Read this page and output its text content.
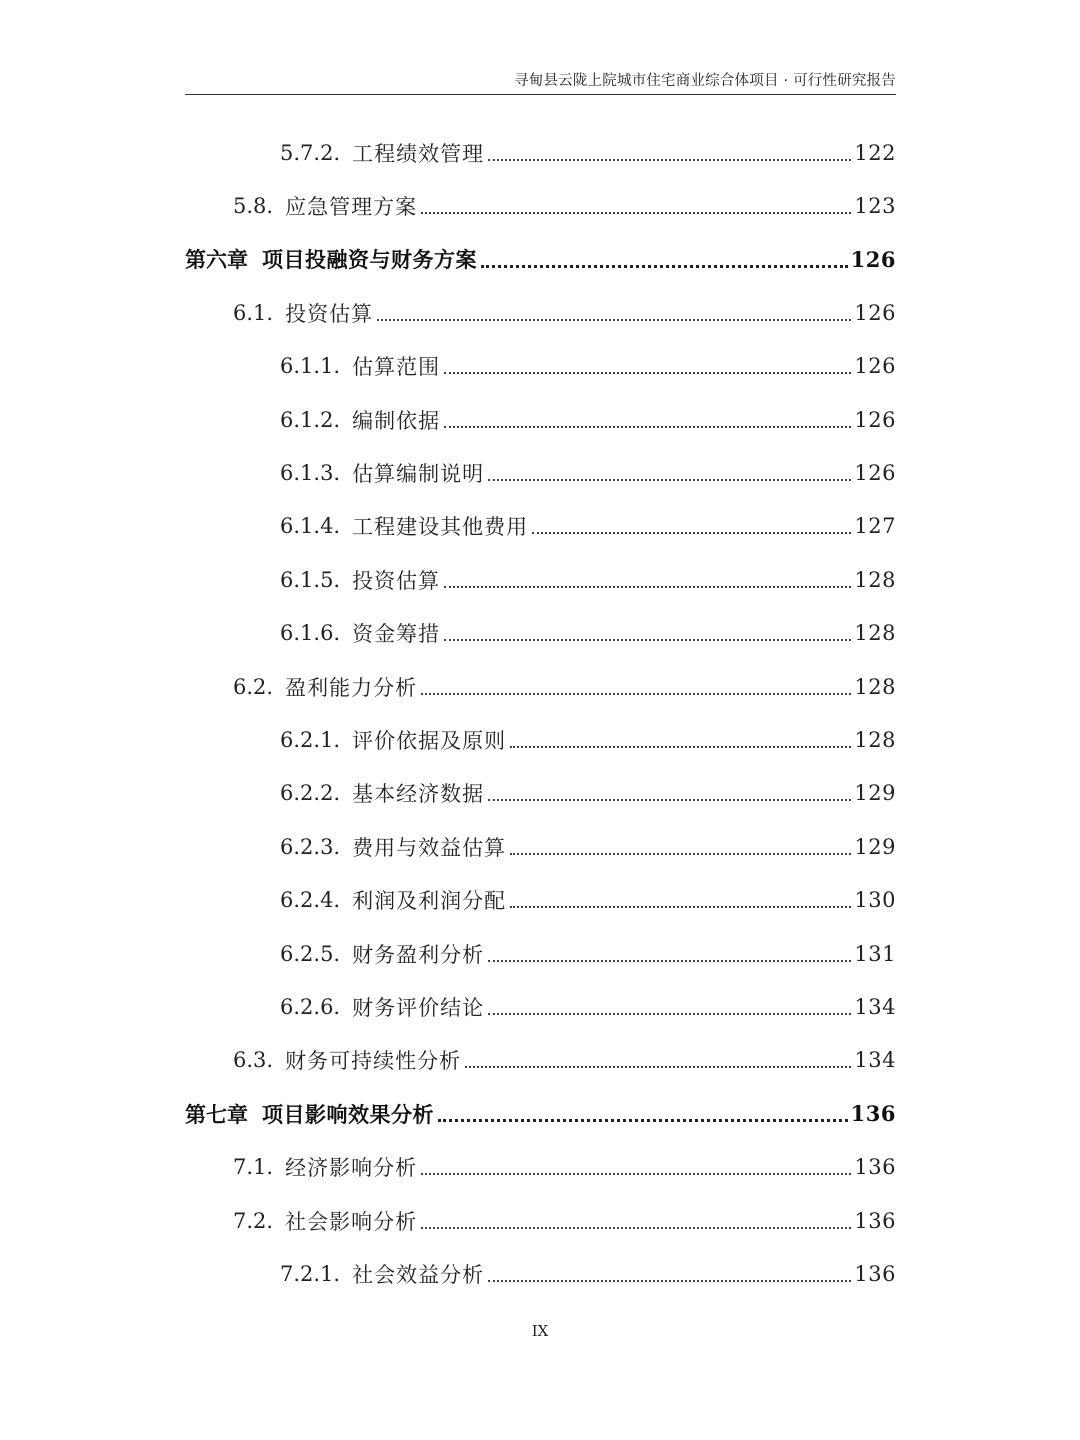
寻甸县云陇上院城市住宅商业综合体项目 · 可行性研究报告
5.7.2. 工程绩效管理	122
5.8. 应急管理方案	123
第六章 项目投融资与财务方案	126
6.1. 投资估算	126
6.1.1. 估算范围	126
6.1.2. 编制依据	126
6.1.3. 估算编制说明	126
6.1.4. 工程建设其他费用	127
6.1.5. 投资估算	128
6.1.6. 资金筹措	128
6.2. 盈利能力分析	128
6.2.1. 评价依据及原则	128
6.2.2. 基本经济数据	129
6.2.3. 费用与效益估算	129
6.2.4. 利润及利润分配	130
6.2.5. 财务盈利分析	131
6.2.6. 财务评价结论	134
6.3. 财务可持续性分析	134
第七章 项目影响效果分析	136
7.1. 经济影响分析	136
7.2. 社会影响分析	136
7.2.1. 社会效益分析	136
IX
